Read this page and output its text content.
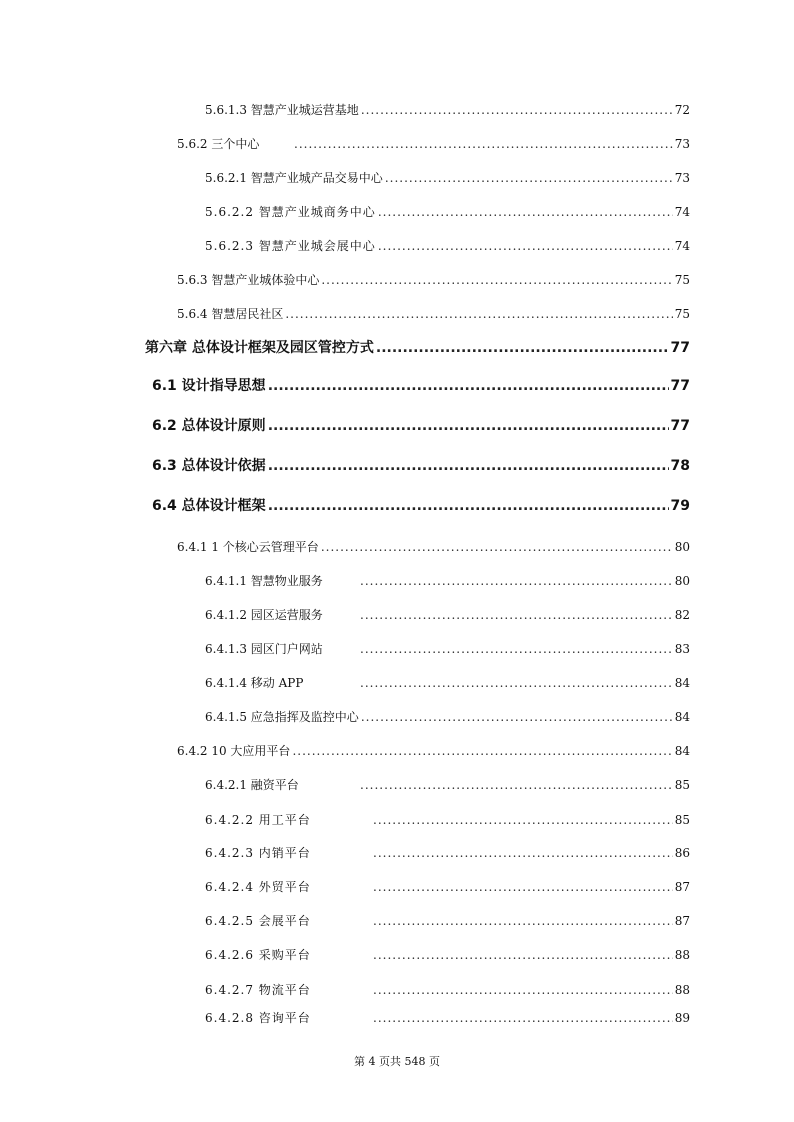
5.6.1.3 智慧产业城运营基地 .....	72
5.6.2 三个中心 .....	73
5.6.2.1 智慧产业城产品交易中心 .....	73
5.6.2.2 智慧产业城商务中心 .....	74
5.6.2.3 智慧产业城会展中心 .....	74
5.6.3 智慧产业城体验中心 .....	75
5.6.4 智慧居民社区 .....	75
第六章 总体设计框架及园区管控方式 .....	77
6.1 设计指导思想 .....	77
6.2 总体设计原则 .....	77
6.3 总体设计依据 .....	78
6.4 总体设计框架 .....	79
6.4.1 1 个核心云管理平台 .....	80
6.4.1.1 智慧物业服务 .....	80
6.4.1.2 园区运营服务 .....	82
6.4.1.3 园区门户网站 .....	83
6.4.1.4 移动 APP .....	84
6.4.1.5 应急指挥及监控中心 .....	84
6.4.2 10 大应用平台 .....	84
6.4.2.1 融资平台 .....	85
6.4.2.2 用工平台 .....	85
6.4.2.3 内销平台 .....	86
6.4.2.4 外贸平台 .....	87
6.4.2.5 会展平台 .....	87
6.4.2.6 采购平台 .....	88
6.4.2.7 物流平台 .....	88
6.4.2.8 咨询平台 .....	89
第 4 页共 548 页
